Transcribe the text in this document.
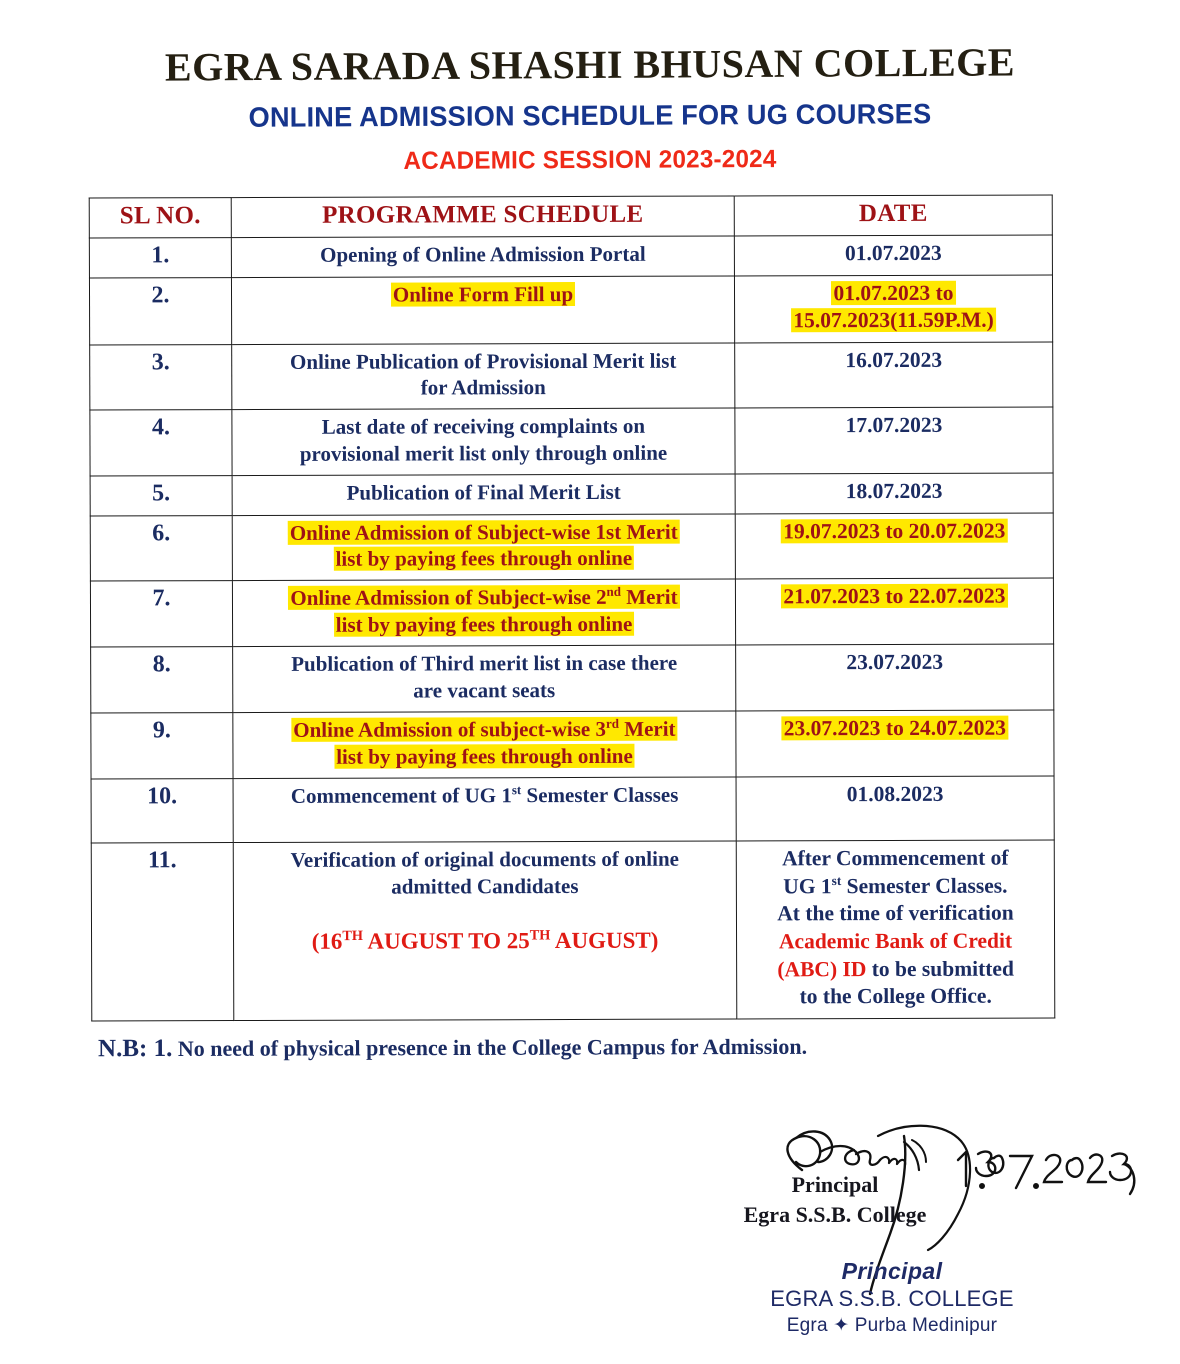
EGRA SARADA SHASHI BHUSAN COLLEGE
ONLINE ADMISSION SCHEDULE FOR UG COURSES
ACADEMIC SESSION 2023-2024
SL NO.	PROGRAMME SCHEDULE	DATE
1.	Opening of Online Admission Portal	01.07.2023
2.	Online Form Fill up	01.07.2023 to
15.07.2023(11.59P.M.)
3.	Online Publication of Provisional Merit list
for Admission	16.07.2023
4.	Last date of receiving complaints on
provisional merit list only through online	17.07.2023
5.	Publication of Final Merit List	18.07.2023
6.	Online Admission of Subject-wise 1st Merit
list by paying fees through online	19.07.2023 to 20.07.2023
7.	Online Admission of Subject-wise 2nd Merit
list by paying fees through online	21.07.2023 to 22.07.2023
8.	Publication of Third merit list in case there
are vacant seats	23.07.2023
9.	Online Admission of subject-wise 3rd Merit
list by paying fees through online	23.07.2023 to 24.07.2023
10.	Commencement of UG 1st Semester Classes	01.08.2023
11.	Verification of original documents of online
admitted Candidates
(16TH AUGUST TO 25TH AUGUST)
	After Commencement of
UG 1st Semester Classes.
At the time of verification
Academic Bank of Credit
(ABC) ID to be submitted
to the College Office.
N.B: 1. No need of physical presence in the College Campus for Admission.
Principal
Egra S.S.B. College
Principal
EGRA S.S.B. COLLEGE
Egra ✦ Purba Medinipur
